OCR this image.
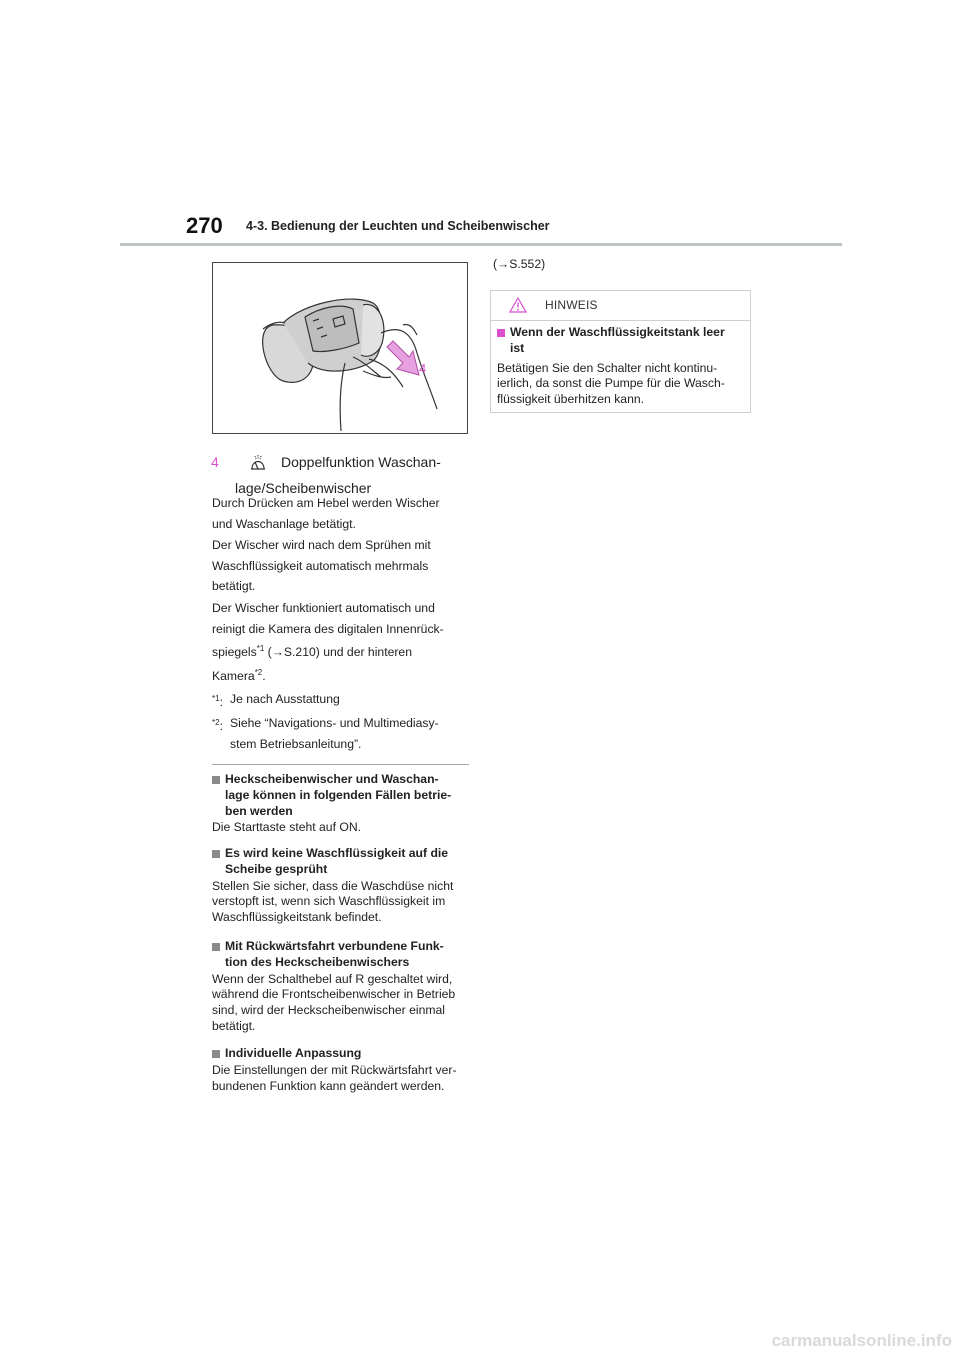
270 4-3. Bedienung der Leuchten und Scheibenwischer
4
4	Doppelfunktion Waschan-
lage/Scheibenwischer

Durch Drücken am Hebel werden Wischer
und Waschanlage betätigt.

Der Wischer wird nach dem Sprühen mit
Waschflüssigkeit automatisch mehrmals
betätigt.

Der Wischer funktioniert automatisch und
reinigt die Kamera des digitalen Innenrück-
spiegels$^{*1}$ (→S.210) und der hinteren
Kamera$^{*2}$.

$^{*1}$: Je nach Ausstattung

$^{*2}$: Siehe “Navigations- und Multimediasy-
stem Betriebsanleitung”.

Heckscheibenwischer und Waschan-
lage können in folgenden Fällen betrie-
ben werden
Die Starttaste steht auf ON.
Es wird keine Waschflüssigkeit auf die
Scheibe gesprüht
Stellen Sie sicher, dass die Waschdüse nicht
verstopft ist, wenn sich Waschflüssigkeit im
Waschflüssigkeitstank befindet.
Mit Rückwärtsfahrt verbundene Funk-
tion des Heckscheibenwischers
Wenn der Schalthebel auf R geschaltet wird,
während die Frontscheibenwischer in Betrieb
sind, wird der Heckscheibenwischer einmal
betätigt.
Individuelle Anpassung
Die Einstellungen der mit Rückwärtsfahrt ver-
bundenen Funktion kann geändert werden.
(→S.552)
HINWEIS
Wenn der Waschflüssigkeitstank leer
ist
Betätigen Sie den Schalter nicht kontinu-
ierlich, da sonst die Pumpe für die Wasch-
flüssigkeit überhitzen kann.
carmanualsonline.info
